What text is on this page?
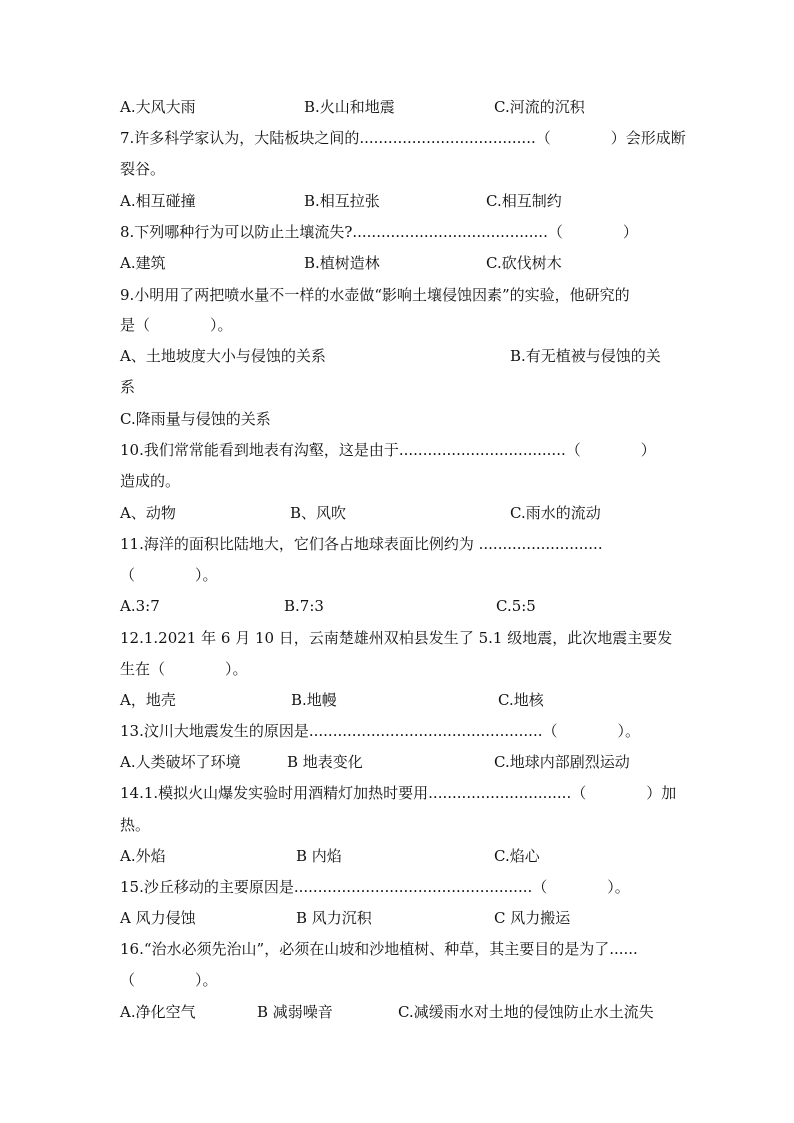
A.大风大雨	B.火山和地震	C.河流的沉积
7.许多科学家认为，大陆板块之间的.....................................（　　　　）会形成断
裂谷。
A.相互碰撞	B.相互拉张	C.相互制约
8.下列哪种行为可以防止土壤流失?.........................................（　　　　）
A.建筑	B.植树造林	C.砍伐树木
9.小明用了两把喷水量不一样的水壶做“影响土壤侵蚀因素”的实验，他研究的
是（　　　　）。
A、土地坡度大小与侵蚀的关系	B.有无植被与侵蚀的关
系
C.降雨量与侵蚀的关系
10.我们常常能看到地表有沟壑，这是由于...................................（　　　　）
造成的。
A、动物	B、风吹	C.雨水的流动
11.海洋的面积比陆地大，它们各占地球表面比例约为 ..........................
（　　　　）。
A.3:7	B.7:3	C.5:5
12.1.2021 年 6 月 10 日，云南楚雄州双柏县发生了 5.1 级地震，此次地震主要发
生在（　　　　）。
A，地壳	B.地幔	C.地核
13.汶川大地震发生的原因是.................................................（　　　　）。
A.人类破坏了环境	B 地表变化	C.地球内部剧烈运动
14.1.模拟火山爆发实验时用酒精灯加热时要用..............................（　　　　）加
热。
A.外焰	B 内焰	C.焰心
15.沙丘移动的主要原因是..................................................（　　　　）。
A 风力侵蚀	B 风力沉积	C 风力搬运
16.“治水必须先治山”，必须在山坡和沙地植树、种草，其主要目的是为了......
（　　　　）。
A.净化空气	B 减弱噪音	C.减缓雨水对土地的侵蚀防止水土流失
